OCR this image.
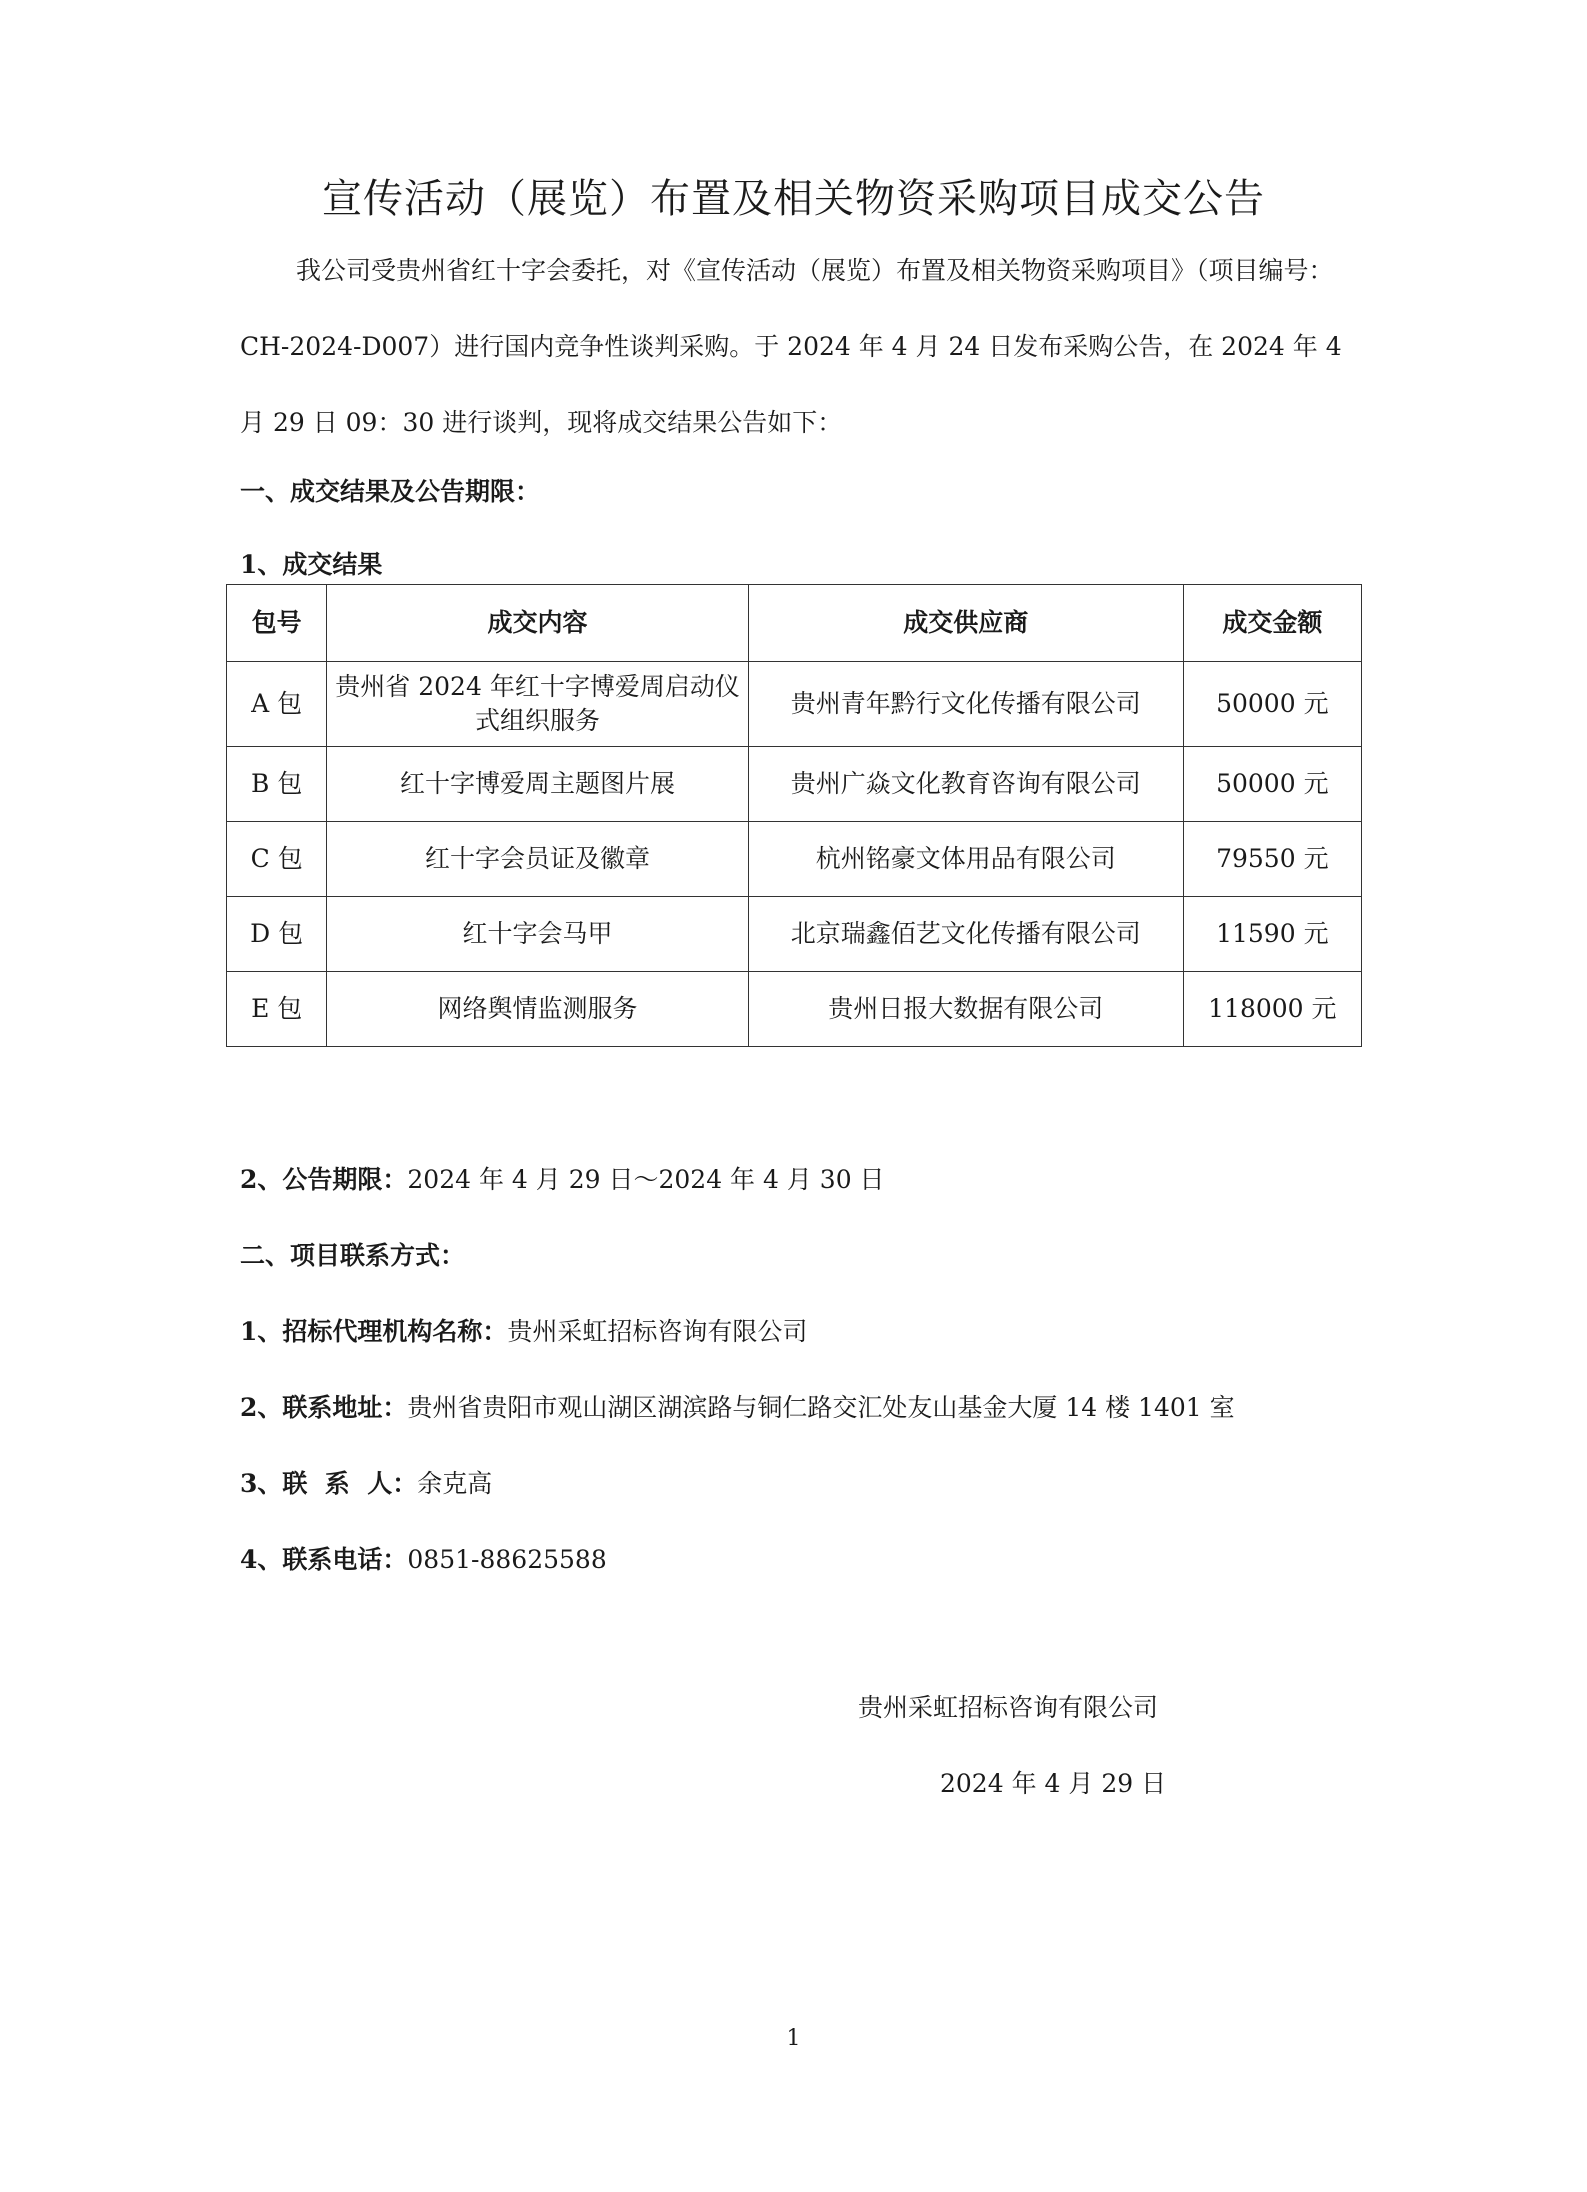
宣传活动（展览）布置及相关物资采购项目成交公告

我公司受贵州省红十字会委托，对《宣传活动（展览）布置及相关物资采购项目》（项目编号：CH-2024-D007）进行国内竞争性谈判采购。于 2024 年 4 月 24 日发布采购公告，在 2024 年 4 月 29 日 09：30 进行谈判，现将成交结果公告如下：

一、成交结果及公告期限：

1、成交结果

包号	成交内容	成交供应商	成交金额
A 包	贵州省 2024 年红十字博爱周启动仪式组织服务	贵州青年黔行文化传播有限公司	50000 元
B 包	红十字博爱周主题图片展	贵州广焱文化教育咨询有限公司	50000 元
C 包	红十字会员证及徽章	杭州铭豪文体用品有限公司	79550 元
D 包	红十字会马甲	北京瑞鑫佰艺文化传播有限公司	11590 元
E 包	网络舆情监测服务	贵州日报大数据有限公司	118000 元

2、公告期限：2024 年 4 月 29 日～2024 年 4 月 30 日

二、项目联系方式：

1、招标代理机构名称：贵州采虹招标咨询有限公司

2、联系地址：贵州省贵阳市观山湖区湖滨路与铜仁路交汇处友山基金大厦 14 楼 1401 室

3、联  系  人：余克高

4、联系电话：0851-88625588

贵州采虹招标咨询有限公司

2024 年 4 月 29 日

1
